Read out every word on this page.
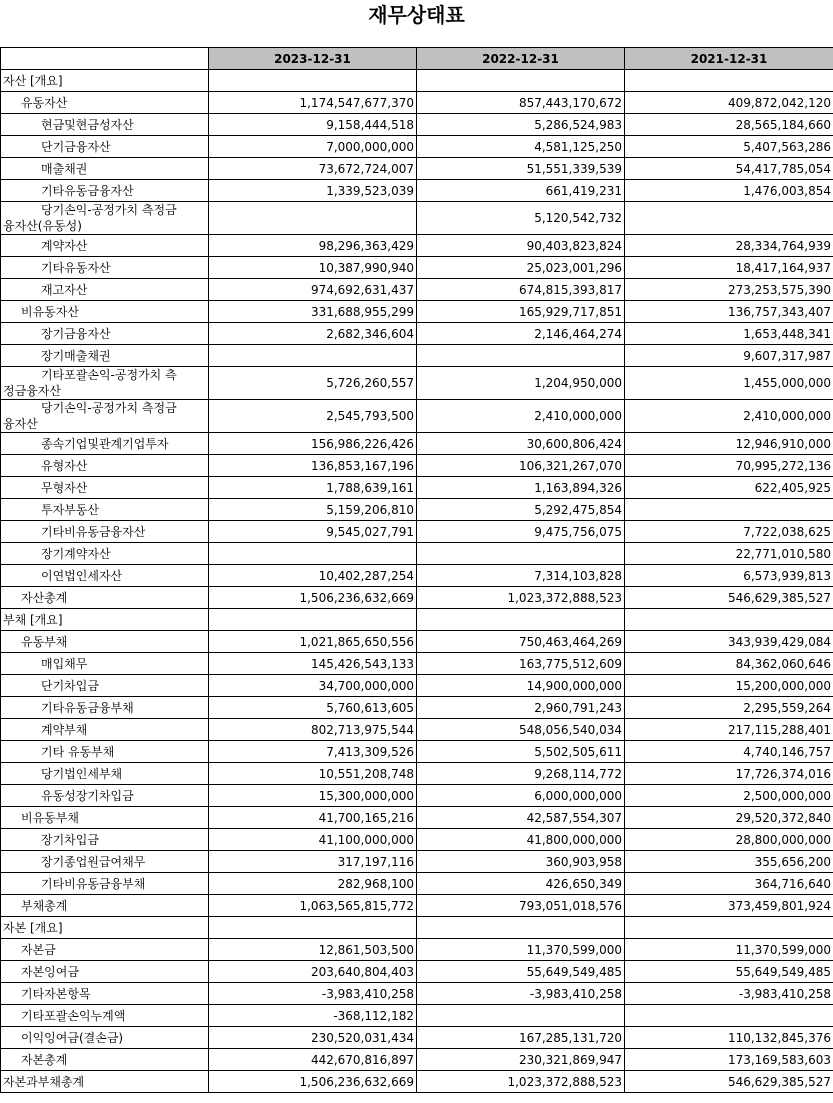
재무상태표
	2023-12-31	2022-12-31	2021-12-31
자산 [개요]			
유동자산	1,174,547,677,370	857,443,170,672	409,872,042,120
현금및현금성자산	9,158,444,518	5,286,524,983	28,565,184,660
단기금융자산	7,000,000,000	4,581,125,250	5,407,563,286
매출채권	73,672,724,007	51,551,339,539	54,417,785,054
기타유동금융자산	1,339,523,039	661,419,231	1,476,003,854

당기손익-공정가치 측정금
융자산(유동성)		5,120,542,732	
계약자산	98,296,363,429	90,403,823,824	28,334,764,939
기타유동자산	10,387,990,940	25,023,001,296	18,417,164,937
재고자산	974,692,631,437	674,815,393,817	273,253,575,390
비유동자산	331,688,955,299	165,929,717,851	136,757,343,407
장기금융자산	2,682,346,604	2,146,464,274	1,653,448,341
장기매출채권			9,607,317,987

기타포괄손익-공정가치 측
정금융자산	5,726,260,557	1,204,950,000	1,455,000,000

당기손익-공정가치 측정금
융자산	2,545,793,500	2,410,000,000	2,410,000,000
종속기업및관계기업투자	156,986,226,426	30,600,806,424	12,946,910,000
유형자산	136,853,167,196	106,321,267,070	70,995,272,136
무형자산	1,788,639,161	1,163,894,326	622,405,925
투자부동산	5,159,206,810	5,292,475,854	
기타비유동금융자산	9,545,027,791	9,475,756,075	7,722,038,625
장기계약자산			22,771,010,580
이연법인세자산	10,402,287,254	7,314,103,828	6,573,939,813
자산총계	1,506,236,632,669	1,023,372,888,523	546,629,385,527
부채 [개요]			
유동부채	1,021,865,650,556	750,463,464,269	343,939,429,084
매입채무	145,426,543,133	163,775,512,609	84,362,060,646
단기차입금	34,700,000,000	14,900,000,000	15,200,000,000
기타유동금융부채	5,760,613,605	2,960,791,243	2,295,559,264
계약부채	802,713,975,544	548,056,540,034	217,115,288,401
기타 유동부채	7,413,309,526	5,502,505,611	4,740,146,757
당기법인세부채	10,551,208,748	9,268,114,772	17,726,374,016
유동성장기차입금	15,300,000,000	6,000,000,000	2,500,000,000
비유동부채	41,700,165,216	42,587,554,307	29,520,372,840
장기차입금	41,100,000,000	41,800,000,000	28,800,000,000
장기종업원급여채무	317,197,116	360,903,958	355,656,200
기타비유동금융부채	282,968,100	426,650,349	364,716,640
부채총계	1,063,565,815,772	793,051,018,576	373,459,801,924
자본 [개요]			
자본금	12,861,503,500	11,370,599,000	11,370,599,000
자본잉여금	203,640,804,403	55,649,549,485	55,649,549,485
기타자본항목	-3,983,410,258	-3,983,410,258	-3,983,410,258
기타포괄손익누계액	-368,112,182		
이익잉여금(결손금)	230,520,031,434	167,285,131,720	110,132,845,376
자본총계	442,670,816,897	230,321,869,947	173,169,583,603
자본과부채총계	1,506,236,632,669	1,023,372,888,523	546,629,385,527
